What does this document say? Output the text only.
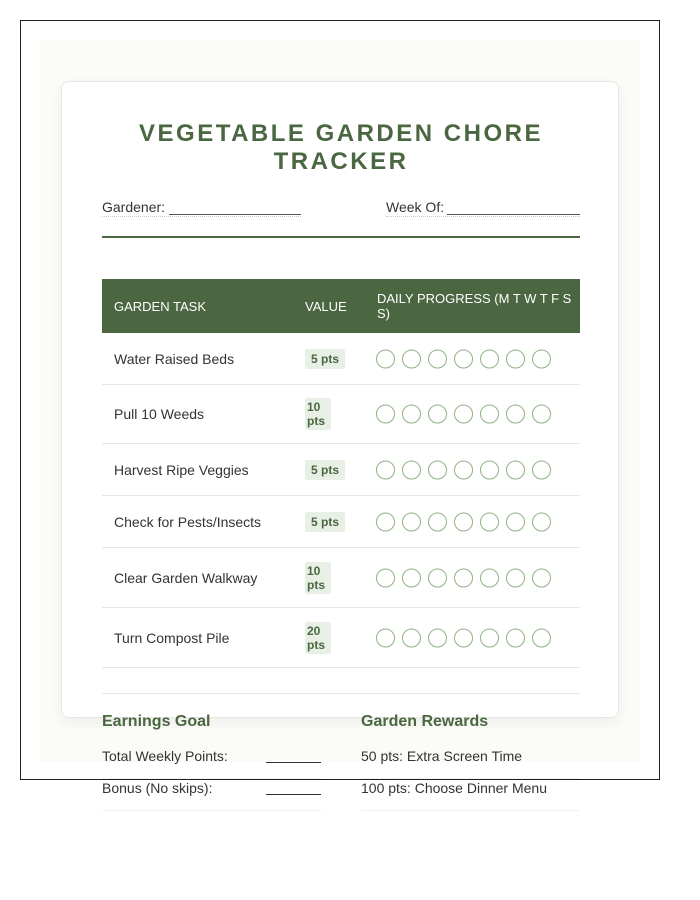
VEGETABLE GARDEN CHORE TRACKER
Gardener:	Week Of:
GARDEN TASK	VALUE	DAILY PROGRESS (M T W T F S S)
Water Raised Beds	5 pts
Pull 10 Weeds	10 pts
Harvest Ripe Veggies	5 pts
Check for Pests/Insects	5 pts
Clear Garden Walkway	10 pts
Turn Compost Pile	20 pts
Earnings Goal
Total Weekly Points:
Bonus (No skips):
Garden Rewards
50 pts: Extra Screen Time
100 pts: Choose Dinner Menu
